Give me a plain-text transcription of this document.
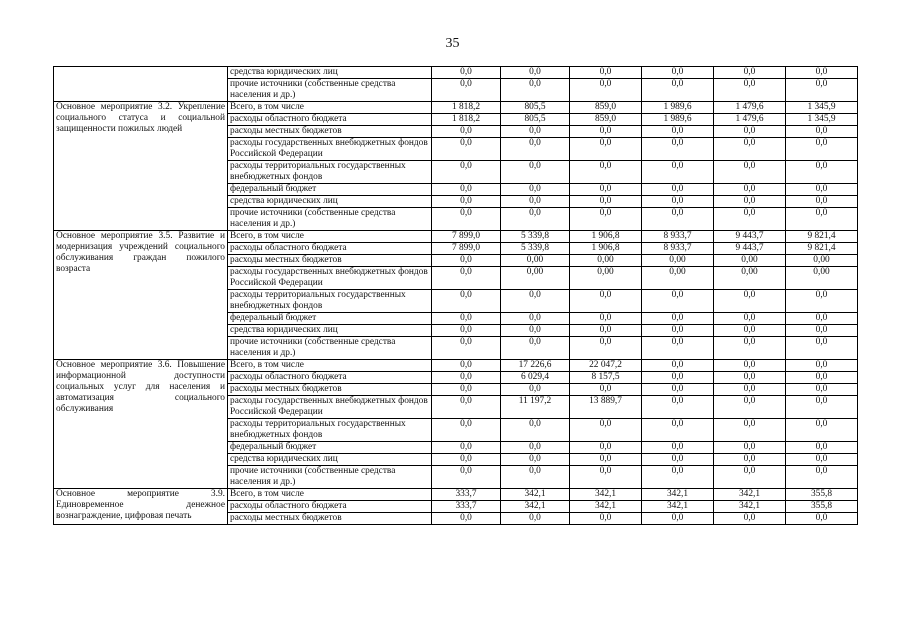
35
	средства юридических лиц	0,0	0,0	0,0	0,0	0,0	0,0
	прочие источники (собственные средства населения и др.)	0,0	0,0	0,0	0,0	0,0	0,0
Основное мероприятие 3.2. Укрепление социального статуса и социальной защищенности пожилых людей	Всего, в том числе	1 818,2	805,5	859,0	1 989,6	1 479,6	1 345,9
	расходы областного бюджета	1 818,2	805,5	859,0	1 989,6	1 479,6	1 345,9
	расходы местных бюджетов	0,0	0,0	0,0	0,0	0,0	0,0
	расходы государственных внебюджетных фондов Российской Федерации	0,0	0,0	0,0	0,0	0,0	0,0
	расходы территориальных государственных внебюджетных фондов	0,0	0,0	0,0	0,0	0,0	0,0
	федеральный бюджет	0,0	0,0	0,0	0,0	0,0	0,0
	средства юридических лиц	0,0	0,0	0,0	0,0	0,0	0,0
	прочие источники (собственные средства населения и др.)	0,0	0,0	0,0	0,0	0,0	0,0
Основное мероприятие 3.5. Развитие и модернизация учреждений социального обслуживания граждан пожилого возраста	Всего, в том числе	7 899,0	5 339,8	1 906,8	8 933,7	9 443,7	9 821,4
	расходы областного бюджета	7 899,0	5 339,8	1 906,8	8 933,7	9 443,7	9 821,4
	расходы местных бюджетов	0,0	0,00	0,00	0,00	0,00	0,00
	расходы государственных внебюджетных фондов Российской Федерации	0,0	0,00	0,00	0,00	0,00	0,00
	расходы территориальных государственных внебюджетных фондов	0,0	0,0	0,0	0,0	0,0	0,0
	федеральный бюджет	0,0	0,0	0,0	0,0	0,0	0,0
	средства юридических лиц	0,0	0,0	0,0	0,0	0,0	0,0
	прочие источники (собственные средства населения и др.)	0,0	0,0	0,0	0,0	0,0	0,0
Основное мероприятие 3.6. Повышение информационной доступности социальных услуг для населения и автоматизация социального обслуживания	Всего, в том числе	0,0	17 226,6	22 047,2	0,0	0,0	0,0
	расходы областного бюджета	0,0	6 029,4	8 157,5	0,0	0,0	0,0
	расходы местных бюджетов	0,0	0,0	0,0	0,0	0,0	0,0
	расходы государственных внебюджетных фондов Российской Федерации	0,0	11 197,2	13 889,7	0,0	0,0	0,0
	расходы территориальных государственных внебюджетных фондов	0,0	0,0	0,0	0,0	0,0	0,0
	федеральный бюджет	0,0	0,0	0,0	0,0	0,0	0,0
	средства юридических лиц	0,0	0,0	0,0	0,0	0,0	0,0
	прочие источники (собственные средства населения и др.)	0,0	0,0	0,0	0,0	0,0	0,0
Основное мероприятие 3.9. Единовременное денежное вознаграждение, цифровая печать	Всего, в том числе	333,7	342,1	342,1	342,1	342,1	355,8
	расходы областного бюджета	333,7	342,1	342,1	342,1	342,1	355,8
	расходы местных бюджетов	0,0	0,0	0,0	0,0	0,0	0,0
